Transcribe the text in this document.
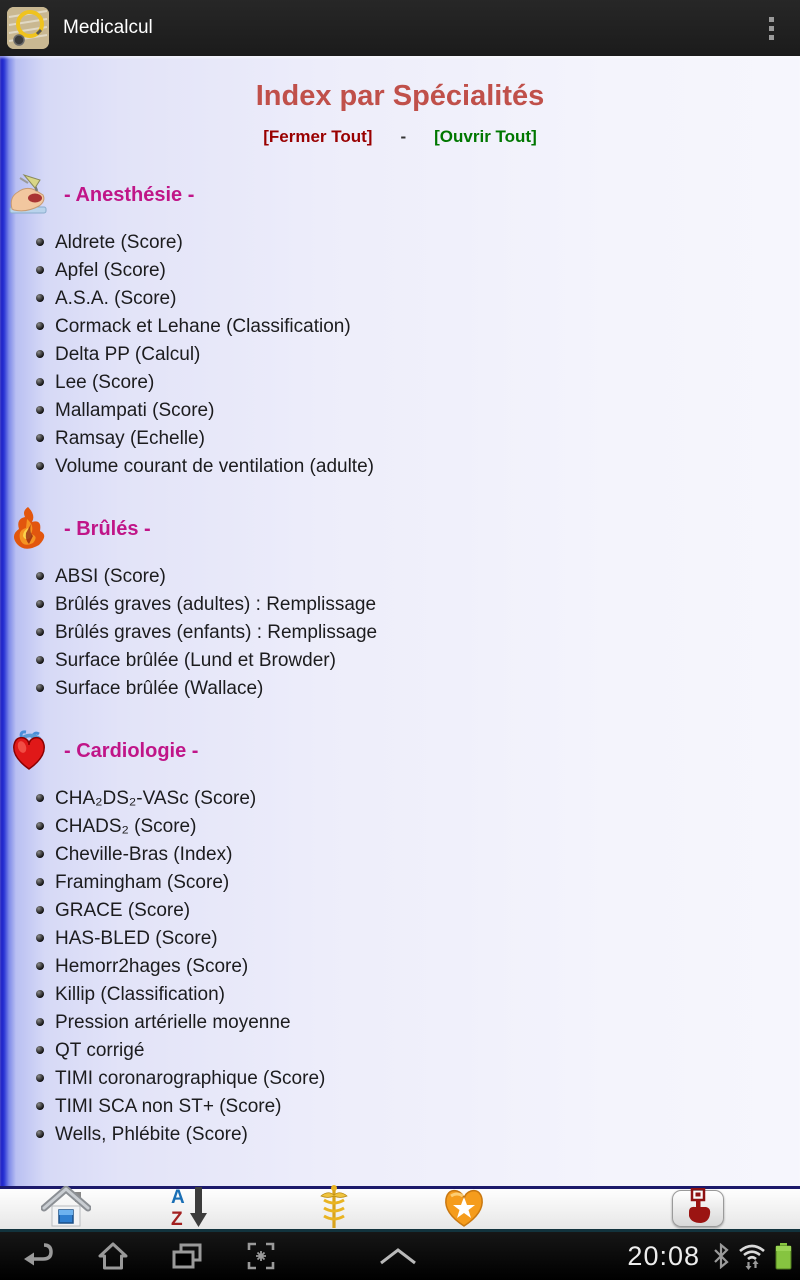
Medicalcul
Index par Spécialités
[Fermer Tout] - [Ouvrir Tout]
- Anesthésie -
Aldrete (Score)
Apfel (Score)
A.S.A. (Score)
Cormack et Lehane (Classification)
Delta PP (Calcul)
Lee (Score)
Mallampati (Score)
Ramsay (Echelle)
Volume courant de ventilation (adulte)
- Brûlés -
ABSI (Score)
Brûlés graves (adultes) : Remplissage
Brûlés graves (enfants) : Remplissage
Surface brûlée (Lund et Browder)
Surface brûlée (Wallace)
- Cardiologie -
CHA₂DS₂-VASc (Score)
CHADS₂ (Score)
Cheville-Bras (Index)
Framingham (Score)
GRACE (Score)
HAS-BLED (Score)
Hemorr2hages (Score)
Killip (Classification)
Pression artérielle moyenne
QT corrigé
TIMI coronarographique (Score)
TIMI SCA non ST+ (Score)
Wells, Phlébite (Score)
A
Z
20:08
